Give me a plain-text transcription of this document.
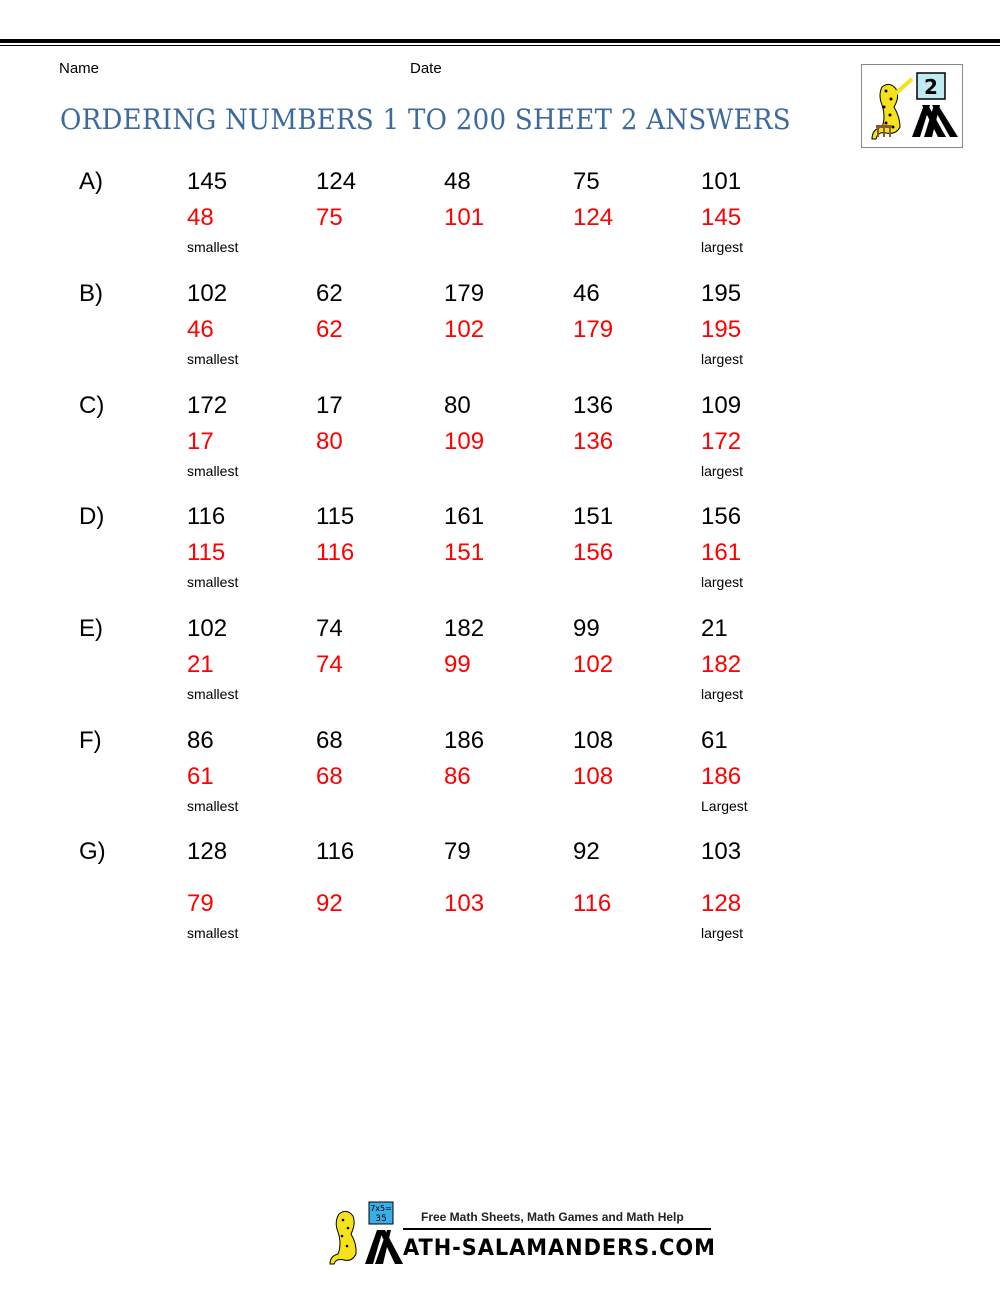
Name	Date
ORDERING NUMBERS 1 TO 200 SHEET 2 ANSWERS
2
A)	145	124	48	75	101
48	75	101	124	145
smallest	largest
B)	102	62	179	46	195
46	62	102	179	195
smallest	largest
C)	172	17	80	136	109
17	80	109	136	172
smallest	largest
D)	116	115	161	151	156
115	116	151	156	161
smallest	largest
E)	102	74	182	99	21
21	74	99	102	182
smallest	largest
F)	86	68	186	108	61
61	68	86	108	186
smallest	Largest
G)	128	116	79	92	103
79	92	103	116	128
smallest	largest
7x5=
35	Free Math Sheets, Math Games and Math Help
ATH-SALAMANDERS.COM
